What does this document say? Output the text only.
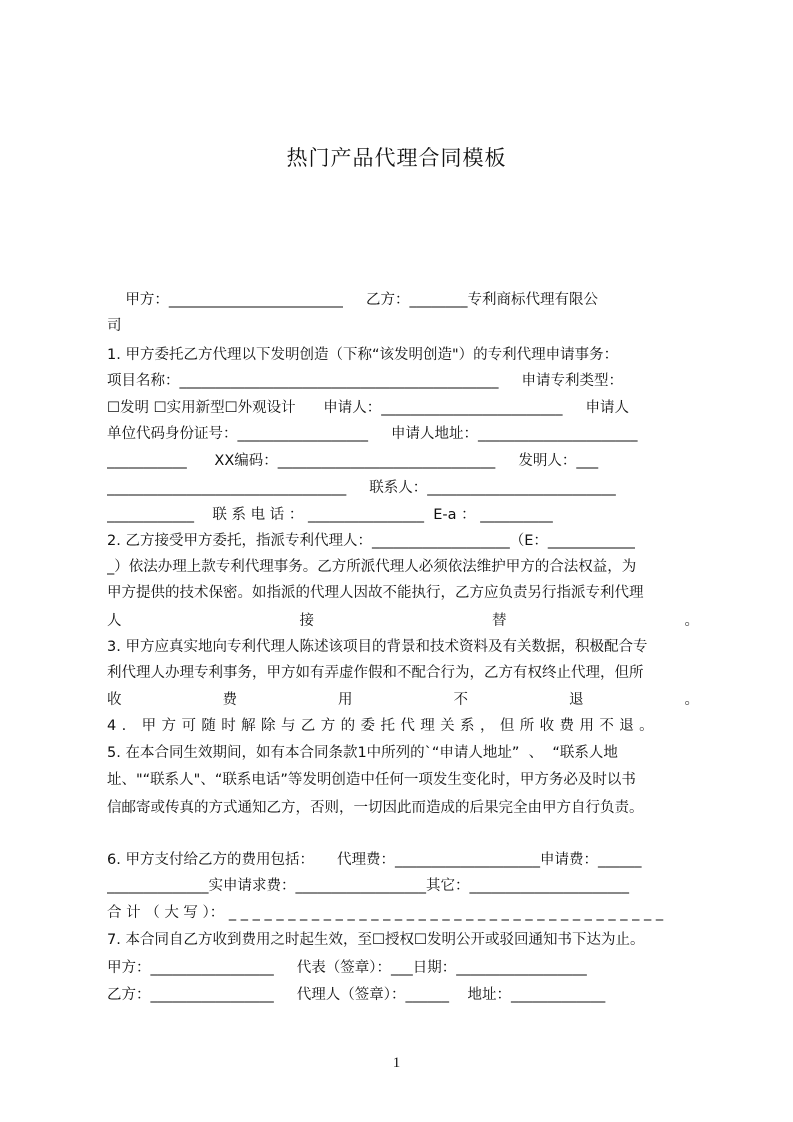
热门产品代理合同模板
甲方：________________________     乙方：________专利商标代理有限公
司
1. 甲方委托乙方代理以下发明创造（下称“该发明创造"）的专利代理申请事务：
项目名称：____________________________________________     申请专利类型：
☐发明 ☐实用新型☐外观设计      申请人：_________________________     申请人
单位代码身份证号：__________________     申请人地址：______________________
___________      XX编码：______________________________     发明人：___
_________________________________     联系人：__________________________
____________    联 系 电 话 ： ________________  E-a ： __________
2. 乙方接受甲方委托，指派专利代理人：___________________（E：____________
_）依法办理上款专利代理事务。乙方所派代理人必须依法维护甲方的合法权益，为
甲方提供的技术保密。如指派的代理人因故不能执行，乙方应负责另行指派专利代理
人 接 替 。
3. 甲方应真实地向专利代理人陈述该项目的背景和技术资料及有关数据，积极配合专
利代理人办理专利事务，甲方如有弄虚作假和不配合行为，乙方有权终止代理，但所
收 费 用 不 退 。
4. 甲方可随时解除与乙方的委托代理关系，但所收费用不退。
5. 在本合同生效期间，如有本合同条款1中所列的`“申请人地址”  、  “联系人地
址、"“联系人"、“联系电话”等发明创造中任何一项发生变化时，甲方务必及时以书
信邮寄或传真的方式通知乙方，否则，一切因此而造成的后果完全由甲方自行负责。
6. 甲方支付给乙方的费用包括：     代理费：____________________申请费：______
______________实申请求费：__________________其它：______________________
合 计 （ 大 写 ）： _ _ _ _ _ _ _ _ _ _ _ _ _ _ _ _ _ _ _ _ _ _ _ _ _ _ _ _ _ _ _ _ _ _ _ _ _
7. 本合同自乙方收到费用之时起生效，至☐授权☐发明公开或驳回通知书下达为止。
甲方：_________________     代表（签章）：___日期：__________________
乙方：_________________     代理人（签章）：______    地址：_____________
1
